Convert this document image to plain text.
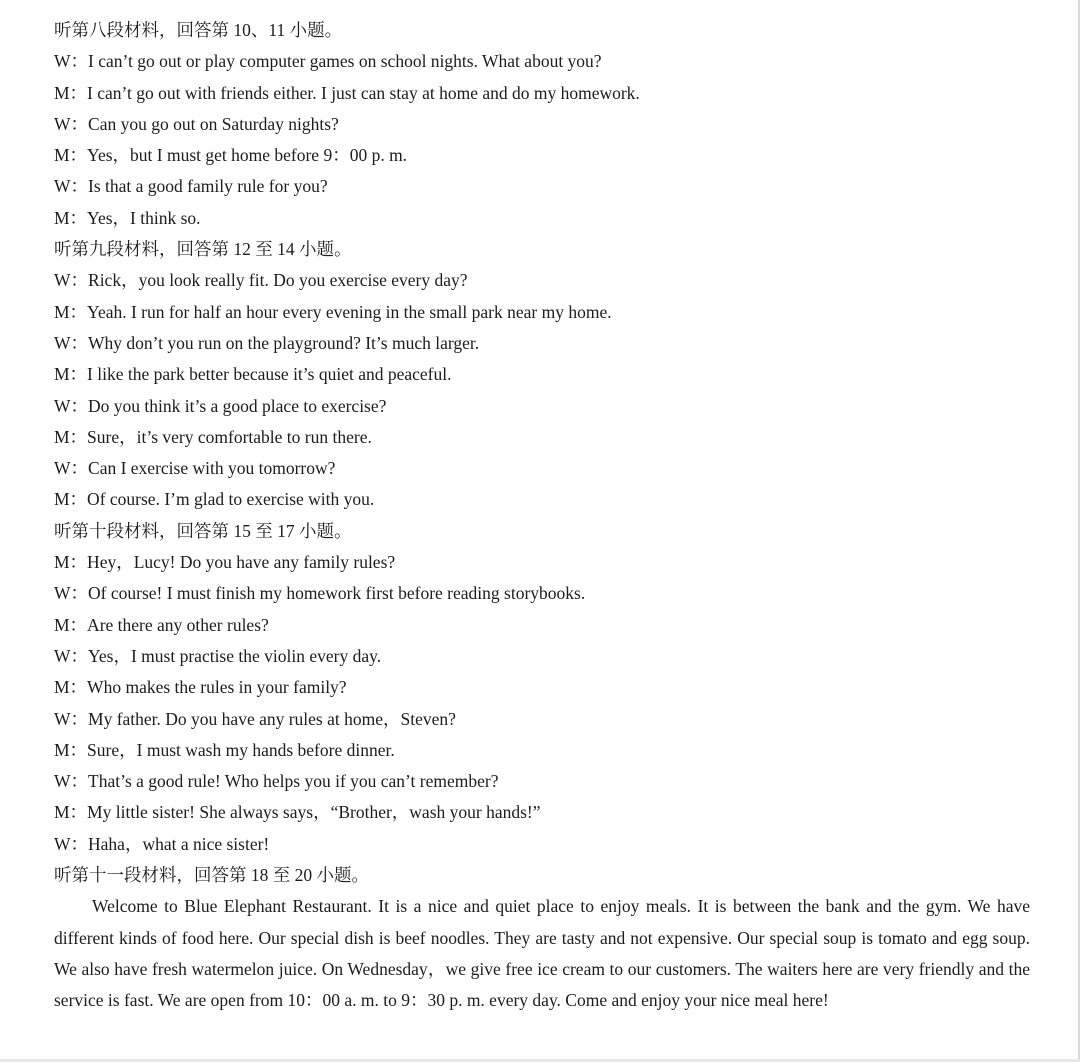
听第八段材料，回答第 10、11 小题。
W：I can’t go out or play computer games on school nights. What about you?
M：I can’t go out with friends either. I just can stay at home and do my homework.
W：Can you go out on Saturday nights?
M：Yes，but I must get home before 9：00 p. m.
W：Is that a good family rule for you?
M：Yes，I think so.
听第九段材料，回答第 12 至 14 小题。
W：Rick，you look really fit. Do you exercise every day?
M：Yeah. I run for half an hour every evening in the small park near my home.
W：Why don’t you run on the playground? It’s much larger.
M：I like the park better because it’s quiet and peaceful.
W：Do you think it’s a good place to exercise?
M：Sure，it’s very comfortable to run there.
W：Can I exercise with you tomorrow?
M：Of course. I’m glad to exercise with you.
听第十段材料，回答第 15 至 17 小题。
M：Hey，Lucy! Do you have any family rules?
W：Of course! I must finish my homework first before reading storybooks.
M：Are there any other rules?
W：Yes，I must practise the violin every day.
M：Who makes the rules in your family?
W：My father. Do you have any rules at home，Steven?
M：Sure，I must wash my hands before dinner.
W：That’s a good rule! Who helps you if you can’t remember?
M：My little sister! She always says，“Brother，wash your hands!”
W：Haha，what a nice sister!
听第十一段材料，回答第 18 至 20 小题。

Welcome to Blue Elephant Restaurant. It is a nice and quiet place to enjoy meals. It is between the bank and the gym. We have different kinds of food here. Our special dish is beef noodles. They are tasty and not expensive. Our special soup is tomato and egg soup. We also have fresh watermelon juice. On Wednesday，we give free ice cream to our customers. The waiters here are very friendly and the service is fast. We are open from 10：00 a. m. to 9：30 p. m. every day. Come and enjoy your nice meal here!
